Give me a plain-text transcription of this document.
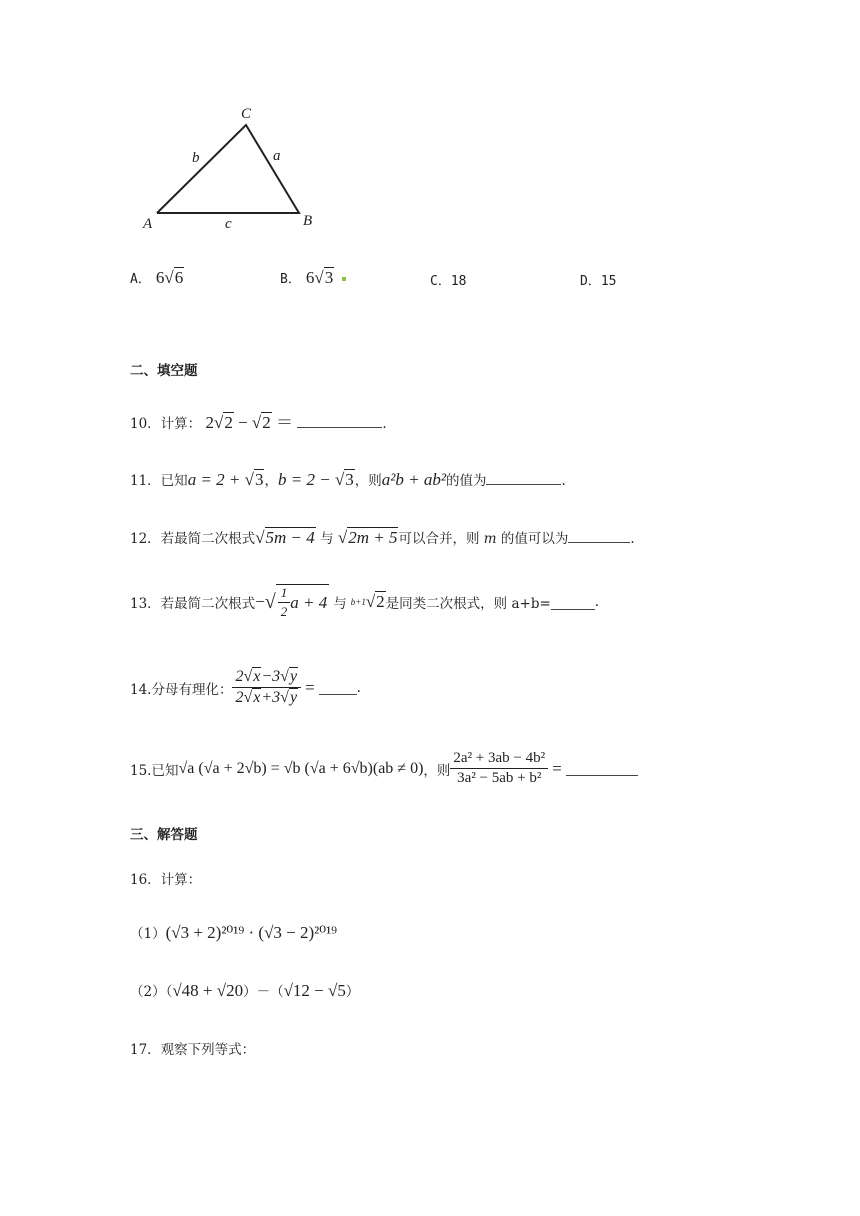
C
A	B
b	a
c
A． 6√6	B． 6√3	C．18	D．15
二、填空题
10．计算： 2√2 − √2 ＝	.
11．已知a = 2 + √3，b = 2 − √3，则a²b + ab²的值为	.
12．若最简二次根式√5m − 4 与 √2m + 5可以合并，则 m 的值可以为	.
13．若最简二次根式 − √ $\frac{1}{2}$ a + 4 与 b+1 √2 是同类二次根式，则 a+b=	.
14.分母有理化： $\frac{2√x-3√y}{2√x+3√y}$ =	.
15.已知 √a (√a + 2√b) = √b (√a + 6√b)(ab ≠ 0) ，则 $\frac{\text{2a² + 3ab − 4b²}}{\text{3a² − 5ab + b²}}$ =
三、解答题
16．计算：
（1）(√3 + 2)²⁰¹⁹ · (√3 − 2)²⁰¹⁹
（2）（√48 + √20）－（√12 − √5）
17．观察下列等式：
